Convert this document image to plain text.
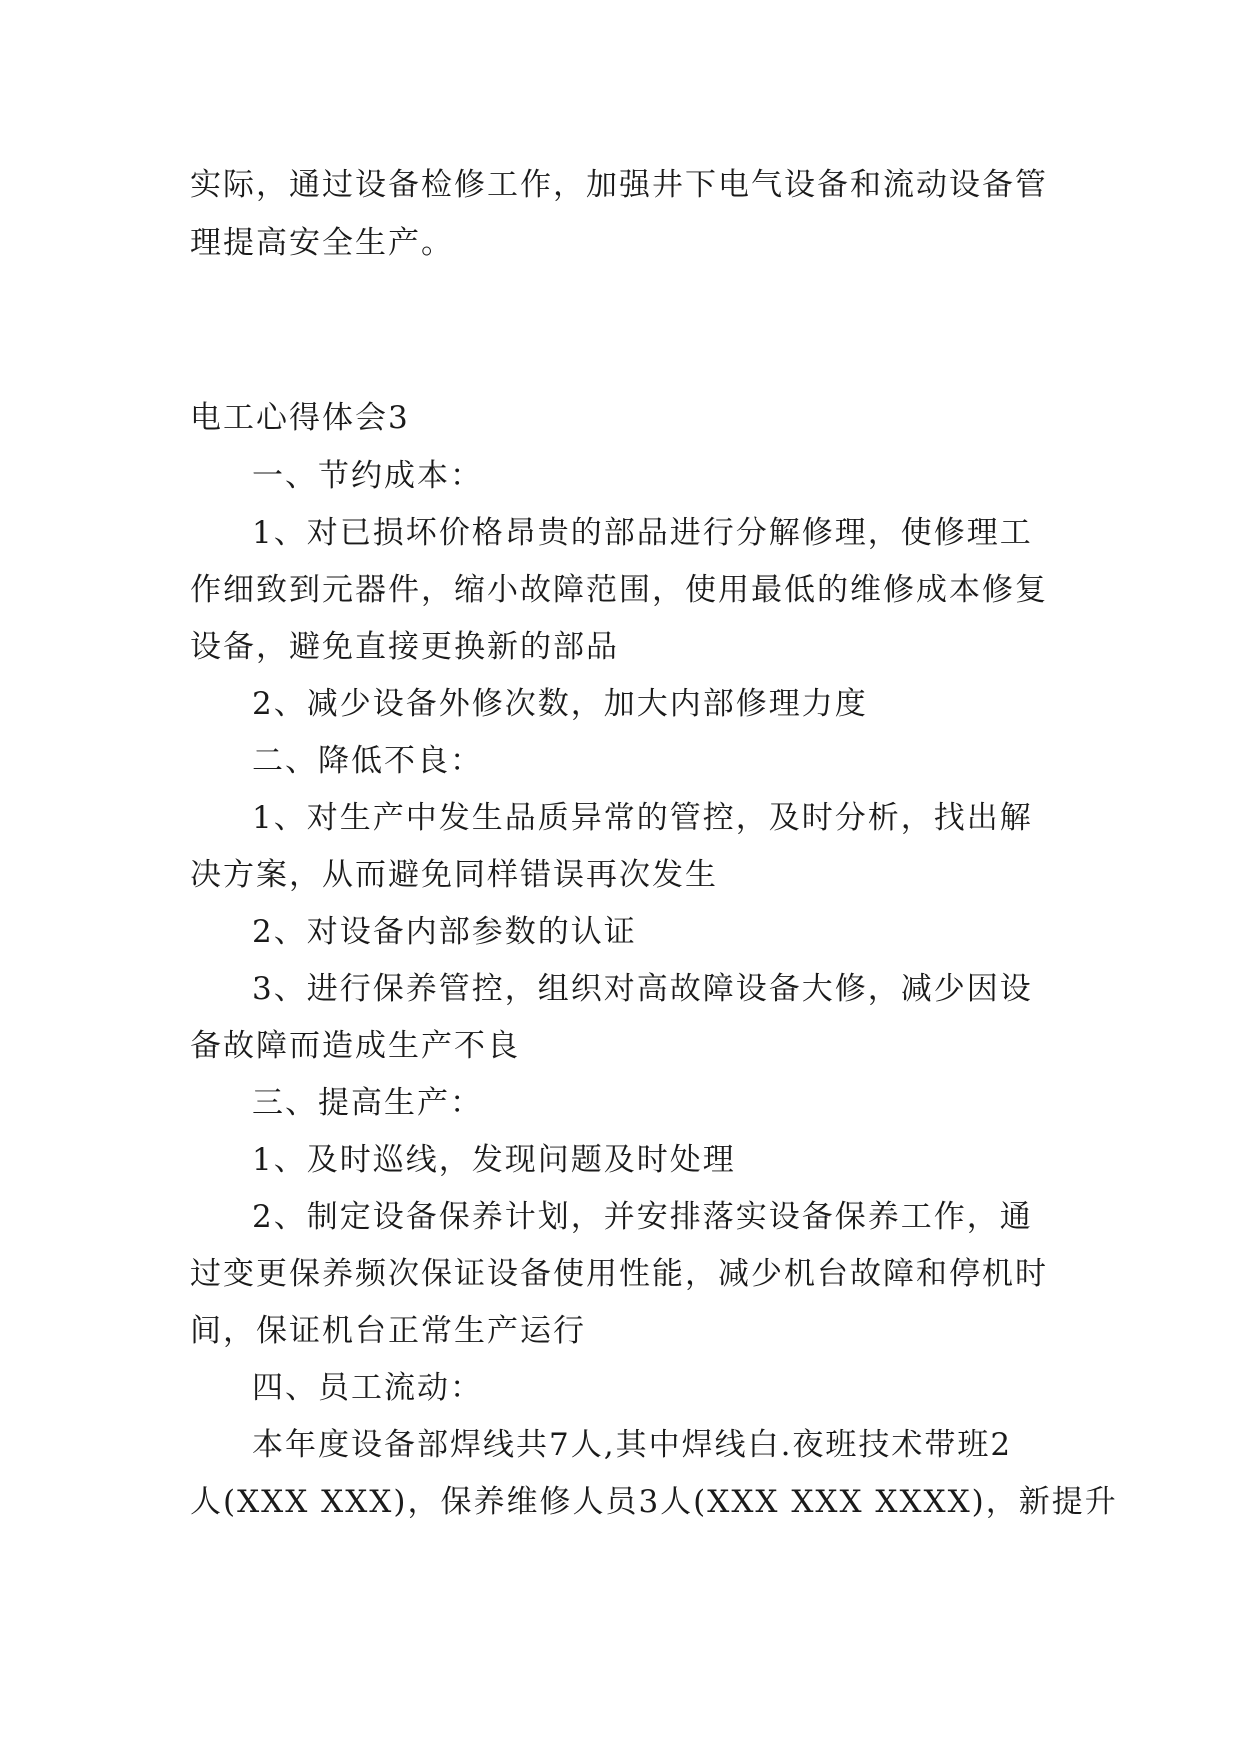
实际，通过设备检修工作，加强井下电气设备和流动设备管
理提高安全生产。
电工心得体会3
一、节约成本：
1、对已损坏价格昂贵的部品进行分解修理，使修理工
作细致到元器件，缩小故障范围，使用最低的维修成本修复
设备，避免直接更换新的部品
2、减少设备外修次数，加大内部修理力度
二、降低不良：
1、对生产中发生品质异常的管控，及时分析，找出解
决方案，从而避免同样错误再次发生
2、对设备内部参数的认证
3、进行保养管控，组织对高故障设备大修，减少因设
备故障而造成生产不良
三、提高生产：
1、及时巡线，发现问题及时处理
2、制定设备保养计划，并安排落实设备保养工作，通
过变更保养频次保证设备使用性能，减少机台故障和停机时
间，保证机台正常生产运行
四、员工流动：
本年度设备部焊线共7人,其中焊线白.夜班技术带班2
人(XXX XXX)，保养维修人员3人(XXX XXX XXXX)，新提升
